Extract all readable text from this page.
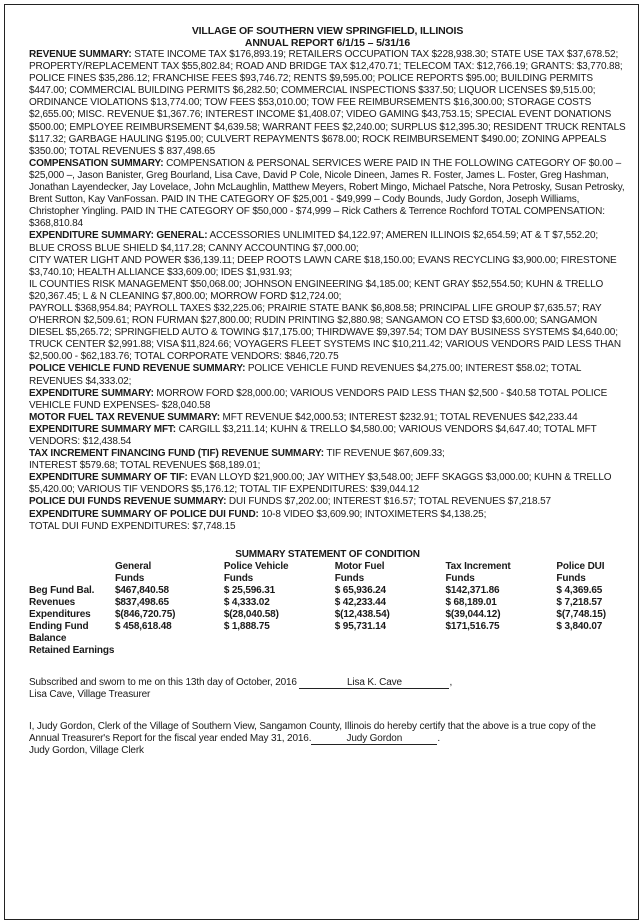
VILLAGE OF SOUTHERN VIEW SPRINGFIELD, ILLINOIS
ANNUAL REPORT 6/1/15 – 5/31/16

REVENUE SUMMARY: STATE INCOME TAX $176,893.19; RETAILERS OCCUPATION TAX $228,938.30; STATE USE TAX $37,678.52; PROPERTY/REPLACEMENT TAX $55,802.84; ROAD AND BRIDGE TAX $12,470.71; TELECOM TAX: $12,766.19; GRANTS: $3,770.88; POLICE FINES $35,286.12; FRANCHISE FEES $93,746.72; RENTS $9,595.00; POLICE REPORTS $95.00; BUILDING PERMITS $447.00; COMMERCIAL BUILDING PERMITS $6,282.50; COMMERCIAL INSPECTIONS $337.50; LIQUOR LICENSES $9,515.00; ORDINANCE VIOLATIONS $13,774.00; TOW FEES $53,010.00; TOW FEE REIMBURSEMENTS $16,300.00; STORAGE COSTS $2,655.00; MISC. REVENUE $1,367.76; INTEREST INCOME $1,408.07; VIDEO GAMING $43,753.15; SPECIAL EVENT DONATIONS $500.00; EMPLOYEE REIMBURSEMENT $4,639.58; WARRANT FEES $2,240.00; SURPLUS $12,395.30; RESIDENT TRUCK RENTALS $117.32; GARBAGE HAULING $195.00; CULVERT REPAYMENTS $678.00; ROCK REIMBURSEMENT $490.00; ZONING APPEALS $350.00; TOTAL REVENUES $ 837,498.65

COMPENSATION SUMMARY: COMPENSATION & PERSONAL SERVICES WERE PAID IN THE FOLLOWING CATEGORY OF $0.00 – $25,000 –, Jason Banister, Greg Bourland, Lisa Cave, David P Cole, Nicole Dineen, James R. Foster, James L. Foster, Greg Hashman, Jonathan Layendecker, Jay Lovelace, John McLaughlin, Matthew Meyers, Robert Mingo, Michael Patsche, Nora Petrosky, Susan Petrosky, Brent Sutton, Kay VanFossan. PAID IN THE CATEGORY OF $25,001 - $49,999 – Cody Bounds, Judy Gordon, Joseph Williams, Christopher Yingling. PAID IN THE CATEGORY OF $50,000 - $74,999 – Rick Cathers & Terrence Rochford TOTAL COMPENSATION: $368,810.84

EXPENDITURE SUMMARY: GENERAL: ACCESSORIES UNLIMITED $4,122.97; AMEREN ILLINOIS $2,654.59; AT & T $7,552.20; BLUE CROSS BLUE SHIELD $4,117.28; CANNY ACCOUNTING $7,000.00;

CITY WATER LIGHT AND POWER $36,139.11; DEEP ROOTS LAWN CARE $18,150.00; EVANS RECYCLING $3,900.00; FIRESTONE $3,740.10; HEALTH ALLIANCE $33,609.00; IDES $1,931.93;

IL COUNTIES RISK MANAGEMENT $50,068.00; JOHNSON ENGINEERING $4,185.00; KENT GRAY $52,554.50; KUHN & TRELLO $20,367.45; L & N CLEANING $7,800.00; MORROW FORD $12,724.00;

PAYROLL $368,954.84; PAYROLL TAXES $32,225.06; PRAIRIE STATE BANK $6,808.58; PRINCIPAL LIFE GROUP $7,635.57; RAY O'HERRON $2,509.61; RON FURMAN $27,800.00; RUDIN PRINTING $2,880.98; SANGAMON CO ETSD $3,600.00; SANGAMON DIESEL $5,265.72; SPRINGFIELD AUTO & TOWING $17,175.00; THIRDWAVE $9,397.54; TOM DAY BUSINESS SYSTEMS $4,640.00; TRUCK CENTER $2,991.88; VISA $11,824.66; VOYAGERS FLEET SYSTEMS INC $10,211.42; VARIOUS VENDORS PAID LESS THAN $2,500.00 - $62,183.76; TOTAL CORPORATE VENDORS: $846,720.75

POLICE VEHICLE FUND REVENUE SUMMARY: POLICE VEHICLE FUND REVENUES $4,275.00; INTEREST $58.02; TOTAL REVENUES $4,333.02;

EXPENDITURE SUMMARY: MORROW FORD $28,000.00; VARIOUS VENDORS PAID LESS THAN $2,500 - $40.58 TOTAL POLICE VEHICLE FUND EXPENSES- $28,040.58

MOTOR FUEL TAX REVENUE SUMMARY: MFT REVENUE $42,000.53; INTEREST $232.91; TOTAL REVENUES $42,233.44

EXPENDITURE SUMMARY MFT: CARGILL $3,211.14; KUHN & TRELLO $4,580.00; VARIOUS VENDORS $4,647.40; TOTAL MFT VENDORS: $12,438.54

TAX INCREMENT FINANCING FUND (TIF) REVENUE SUMMARY: TIF REVENUE $67,609.33;

INTEREST $579.68; TOTAL REVENUES $68,189.01;

EXPENDITURE SUMMARY OF TIF: EVAN LLOYD $21,900.00; JAY WITHEY $3,548.00; JEFF SKAGGS $3,000.00; KUHN & TRELLO $5,420.00; VARIOUS TIF VENDORS $5,176.12; TOTAL TIF EXPENDITURES: $39,044.12

POLICE DUI FUNDS REVENUE SUMMARY: DUI FUNDS $7,202.00; INTEREST $16.57; TOTAL REVENUES $7,218.57

EXPENDITURE SUMMARY OF POLICE DUI FUND: 10-8 VIDEO $3,609.90; INTOXIMETERS $4,138.25;

TOTAL DUI FUND EXPENDITURES: $7,748.15

SUMMARY STATEMENT OF CONDITION
	General	Police Vehicle	Motor Fuel	Tax Increment	Police DUI
	Funds	Funds	Funds	Funds	Funds
Beg Fund Bal.	$467,840.58	$ 25,596.31	$ 65,936.24	$142,371.86	$ 4,369.65
Revenues	$837,498.65	$ 4,333.02	$ 42,233.44	$ 68,189.01	$ 7,218.57
Expenditures	$(846,720.75)	$(28,040.58)	$(12,438.54)	$(39,044.12)	$(7,748.15)
Ending Fund	$ 458,618.48	$ 1,888.75	$ 95,731.14	$171,516.75	$ 3,840.07
Balance					
Retained Earnings					
Subscribed and sworn to me on this 13th day of October, 2016	Lisa K. Cave	,
Lisa Cave, Village Treasurer
I, Judy Gordon, Clerk of the Village of Southern View, Sangamon County, Illinois do hereby certify that the above is a true copy of the Annual Treasurer's Report for the fiscal year ended May 31, 2016.	Judy Gordon	.
Judy Gordon, Village Clerk
